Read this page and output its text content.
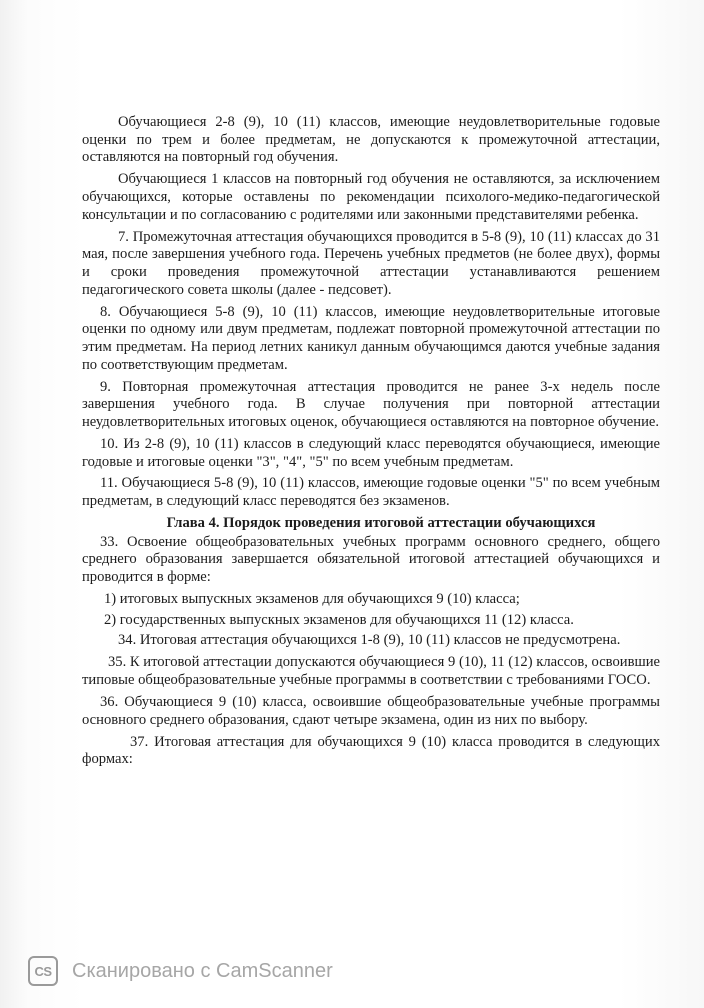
Обучающиеся 2-8 (9), 10 (11) классов, имеющие неудовлетворительные годовые оценки по трем и более предметам, не допускаются к промежуточной аттестации, оставляются на повторный год обучения.

Обучающиеся 1 классов на повторный год обучения не оставляются, за исключением обучающихся, которые оставлены по рекомендации психолого-медико-педагогической консультации и по согласованию с родителями или законными представителями ребенка.

7. Промежуточная аттестация обучающихся проводится в 5-8 (9), 10 (11) классах до 31 мая, после завершения учебного года. Перечень учебных предметов (не более двух), формы и сроки проведения промежуточной аттестации устанавливаются решением педагогического совета школы (далее - педсовет).

8. Обучающиеся 5-8 (9), 10 (11) классов, имеющие неудовлетворительные итоговые оценки по одному или двум предметам, подлежат повторной промежуточной аттестации по этим предметам. На период летних каникул данным обучающимся даются учебные задания по соответствующим предметам.

9. Повторная промежуточная аттестация проводится не ранее 3-х недель после завершения учебного года. В случае получения при повторной аттестации неудовлетворительных итоговых оценок, обучающиеся оставляются на повторное обучение.

10. Из 2-8 (9), 10 (11) классов в следующий класс переводятся обучающиеся, имеющие годовые и итоговые оценки "3", "4", "5" по всем учебным предметам.

11. Обучающиеся 5-8 (9), 10 (11) классов, имеющие годовые оценки "5" по всем учебным предметам, в следующий класс переводятся без экзаменов.

Глава 4. Порядок проведения итоговой аттестации обучающихся

33. Освоение общеобразовательных учебных программ основного среднего, общего среднего образования завершается обязательной итоговой аттестацией обучающихся и проводится в форме:

1) итоговых выпускных экзаменов для обучающихся 9 (10) класса;

2) государственных выпускных экзаменов для обучающихся 11 (12) класса.

34. Итоговая аттестация обучающихся 1-8 (9), 10 (11) классов не предусмотрена.

35. К итоговой аттестации допускаются обучающиеся 9 (10), 11 (12) классов, освоившие типовые общеобразовательные учебные программы в соответствии с требованиями ГОСО.

36. Обучающиеся 9 (10) класса, освоившие общеобразовательные учебные программы основного среднего образования, сдают четыре экзамена, один из них по выбору.

37. Итоговая аттестация для обучающихся 9 (10) класса проводится в следующих формах:

CS	Сканировано с CamScanner
